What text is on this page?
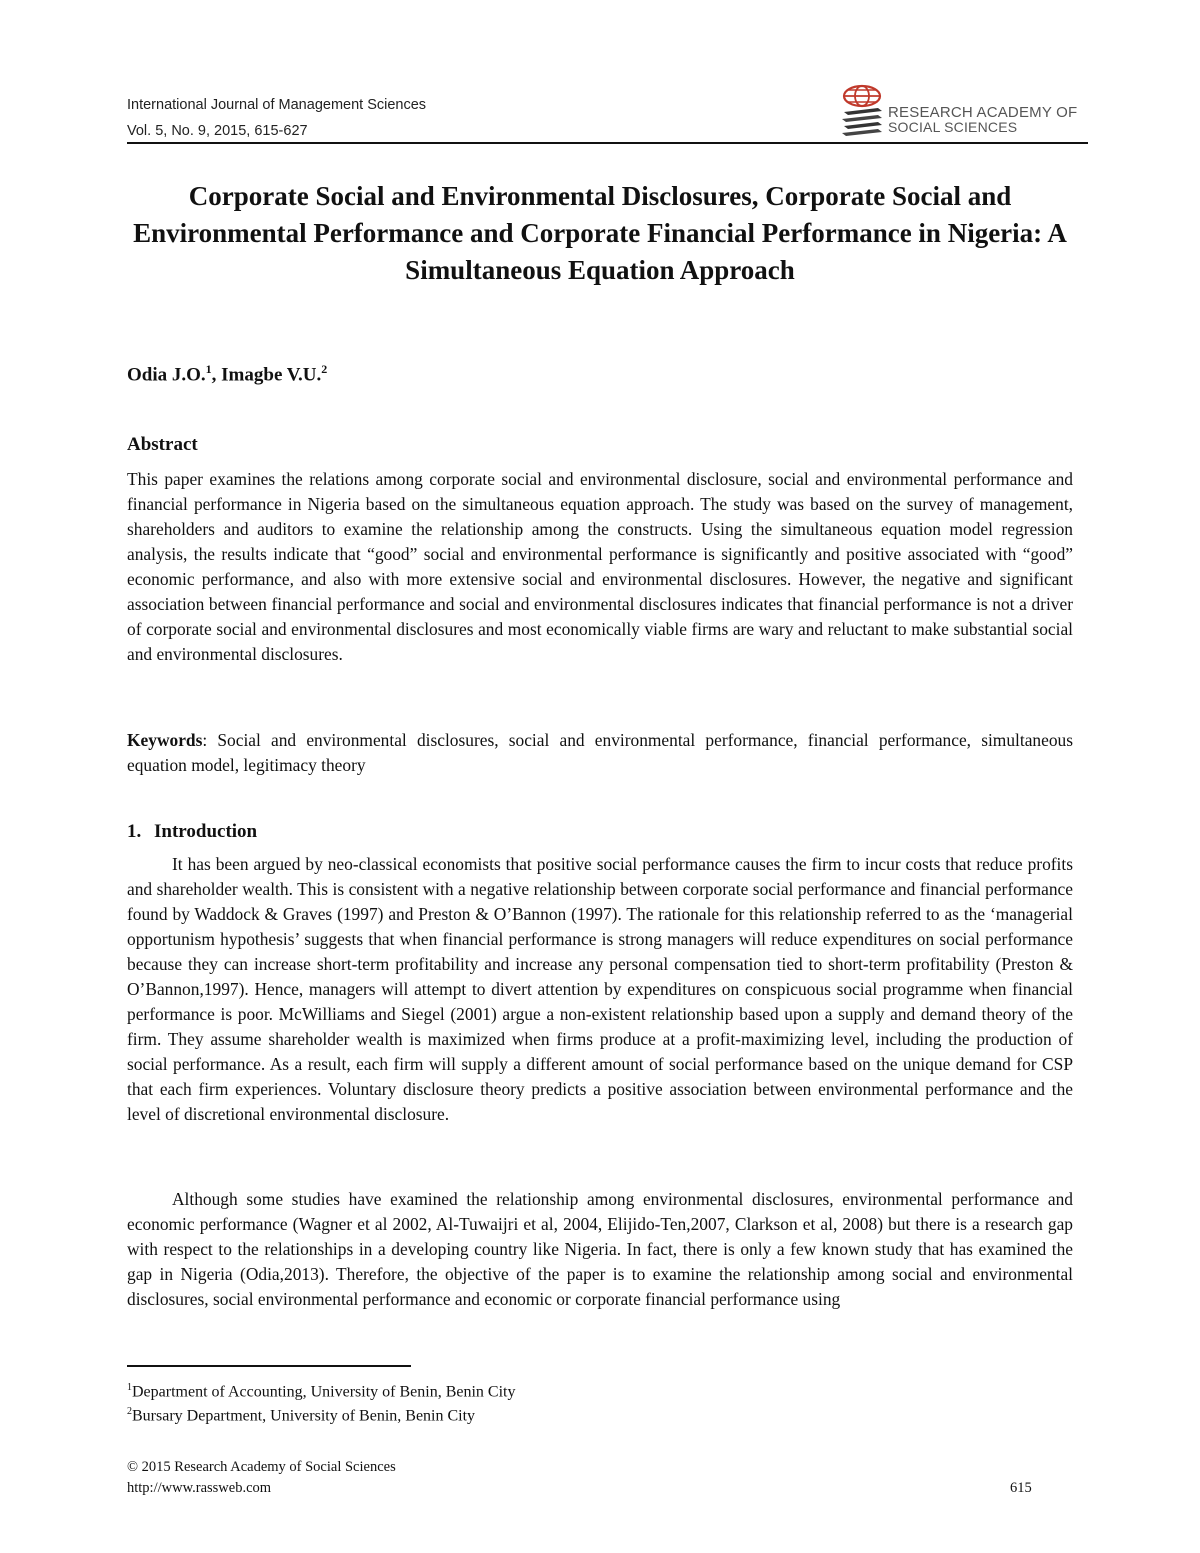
International Journal of Management Sciences
Vol. 5, No. 9, 2015, 615-627
RESEARCH ACADEMY OF
SOCIAL SCIENCES
Corporate Social and Environmental Disclosures, Corporate Social and Environmental Performance and Corporate Financial Performance in Nigeria: A Simultaneous Equation Approach
Odia J.O.$^1$, Imagbe V.U.$^2$
Abstract
This paper examines the relations among corporate social and environmental disclosure, social and environmental performance and financial performance in Nigeria based on the simultaneous equation approach. The study was based on the survey of management, shareholders and auditors to examine the relationship among the constructs. Using the simultaneous equation model regression analysis, the results indicate that “good” social and environmental performance is significantly and positive associated with “good” economic performance, and also with more extensive social and environmental disclosures. However, the negative and significant association between financial performance and social and environmental disclosures indicates that financial performance is not a driver of corporate social and environmental disclosures and most economically viable firms are wary and reluctant to make substantial social and environmental disclosures.
Keywords: Social and environmental disclosures, social and environmental performance, financial performance, simultaneous equation model, legitimacy theory
1. Introduction
It has been argued by neo-classical economists that positive social performance causes the firm to incur costs that reduce profits and shareholder wealth. This is consistent with a negative relationship between corporate social performance and financial performance found by Waddock & Graves (1997) and Preston & O’Bannon (1997). The rationale for this relationship referred to as the ‘managerial opportunism hypothesis’ suggests that when financial performance is strong managers will reduce expenditures on social performance because they can increase short-term profitability and increase any personal compensation tied to short-term profitability (Preston & O’Bannon,1997). Hence, managers will attempt to divert attention by expenditures on conspicuous social programme when financial performance is poor. McWilliams and Siegel (2001) argue a non-existent relationship based upon a supply and demand theory of the firm. They assume shareholder wealth is maximized when firms produce at a profit-maximizing level, including the production of social performance. As a result, each firm will supply a different amount of social performance based on the unique demand for CSP that each firm experiences. Voluntary disclosure theory predicts a positive association between environmental performance and the level of discretional environmental disclosure.
Although some studies have examined the relationship among environmental disclosures, environmental performance and economic performance (Wagner et al 2002, Al-Tuwaijri et al, 2004, Elijido-Ten,2007, Clarkson et al, 2008) but there is a research gap with respect to the relationships in a developing country like Nigeria. In fact, there is only a few known study that has examined the gap in Nigeria (Odia,2013). Therefore, the objective of the paper is to examine the relationship among social and environmental disclosures, social environmental performance and economic or corporate financial performance using
$^1$Department of Accounting, University of Benin, Benin City
$^2$Bursary Department, University of Benin, Benin City
© 2015 Research Academy of Social Sciences
http://www.rassweb.com	615
